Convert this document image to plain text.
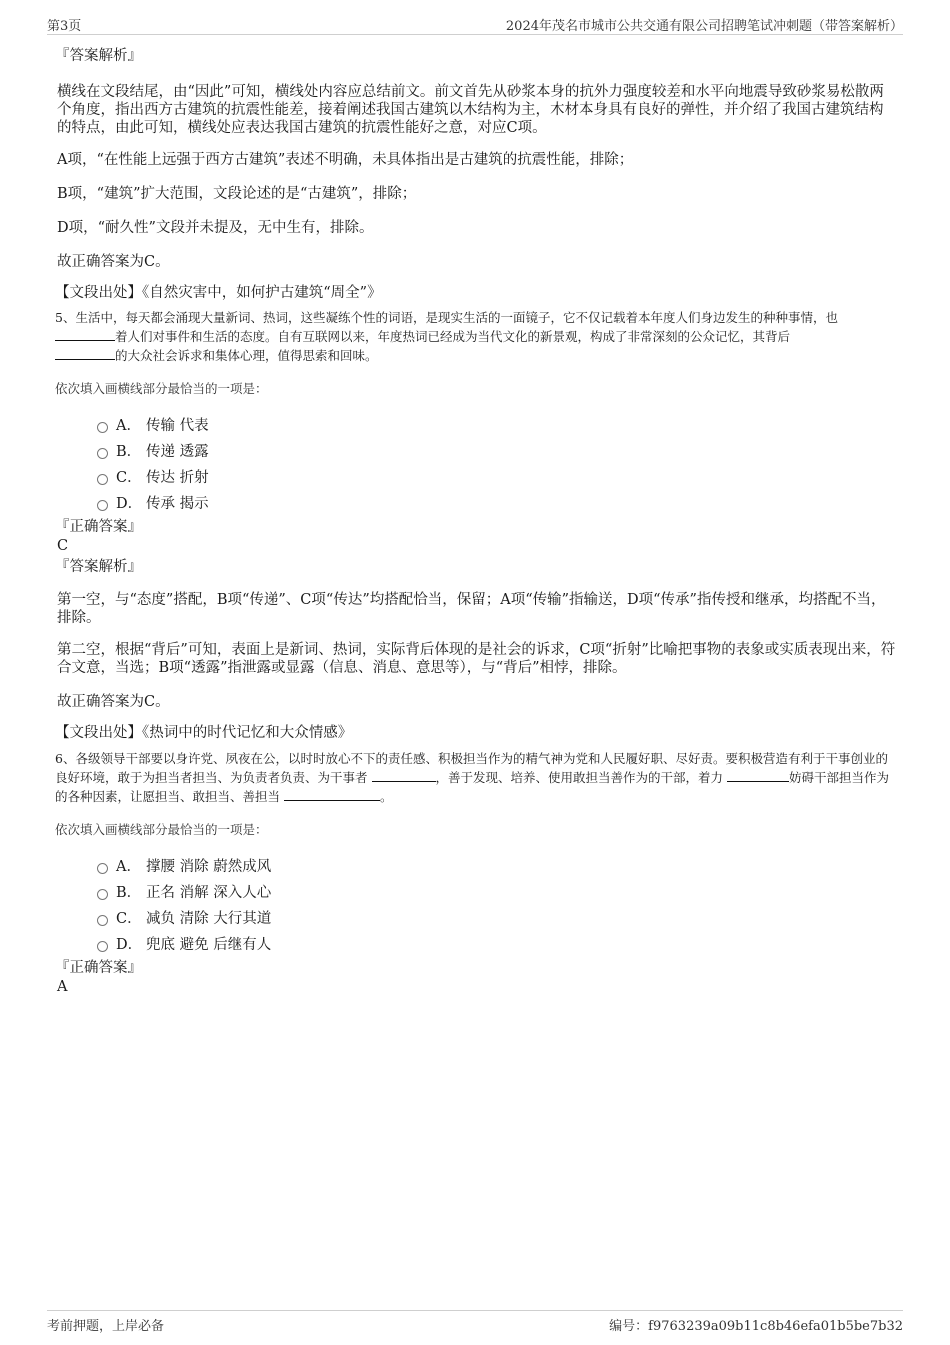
第3页	2024年茂名市城市公共交通有限公司招聘笔试冲刺题（带答案解析）
『答案解析』

横线在文段结尾，由“因此”可知，横线处内容应总结前文。前文首先从砂浆本身的抗外力强度较差和水平向地震导致砂浆易松散两个角度，指出西方古建筑的抗震性能差，接着阐述我国古建筑以木结构为主，木材本身具有良好的弹性，并介绍了我国古建筑结构的特点，由此可知，横线处应表达我国古建筑的抗震性能好之意，对应C项。

A项，“在性能上远强于西方古建筑”表述不明确，未具体指出是古建筑的抗震性能，排除；

B项，“建筑”扩大范围，文段论述的是“古建筑”，排除；

D项，“耐久性”文段并未提及，无中生有，排除。

故正确答案为C。

【文段出处】《自然灾害中，如何护古建筑“周全”》
5、生活中，每天都会涌现大量新词、热词，这些凝练个性的词语，是现实生活的一面镜子，它不仅记载着本年度人们身边发生的种种事情，也
着人们对事件和生活的态度。自有互联网以来，年度热词已经成为当代文化的新景观，构成了非常深刻的公众记忆，其背后
的大众社会诉求和集体心理，值得思索和回味。
依次填入画横线部分最恰当的一项是：
A． 传输 代表
B． 传递 透露
C． 传达 折射
D． 传承 揭示
『正确答案』
C
『答案解析』

第一空，与“态度”搭配，B项“传递”、C项“传达”均搭配恰当，保留；A项“传输”指输送，D项“传承”指传授和继承，均搭配不当，排除。

第二空，根据“背后”可知，表面上是新词、热词，实际背后体现的是社会的诉求，C项“折射”比喻把事物的表象或实质表现出来，符合文意，当选；B项“透露”指泄露或显露（信息、消息、意思等），与“背后”相悖，排除。

故正确答案为C。

【文段出处】《热词中的时代记忆和大众情感》
6、各级领导干部要以身许党、夙夜在公，以时时放心不下的责任感、积极担当作为的精气神为党和人民履好职、尽好责。要积极营造有利于干事创业的良好环境，敢于为担当者担当、为负责者负责、为干事者	，善于发现、培养、使用敢担当善作为的干部，着力	妨碍干部担当作为的各种因素，让愿担当、敢担当、善担当	。
依次填入画横线部分最恰当的一项是：
A． 撑腰 消除 蔚然成风
B． 正名 消解 深入人心
C． 减负 清除 大行其道
D． 兜底 避免 后继有人
『正确答案』
A
考前押题，上岸必备	编号：f9763239a09b11c8b46efa01b5be7b32
